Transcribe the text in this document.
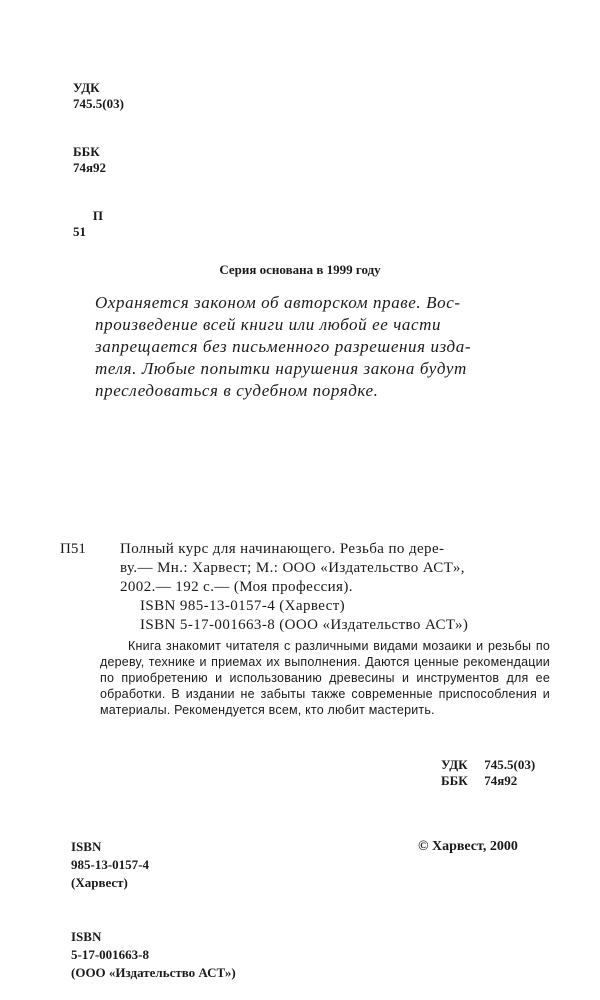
УДК
745.5(03)

ББК
74я92

П
51

Серия основана в 1999 году

Охраняется законом об авторском праве. Вос-

произведение всей книги или любой ее части

запрещается без письменного разрешения изда-

теля. Любые попытки нарушения закона будут

преследоваться в судебном порядке.

П51 Полный курс для начинающего. Резьба по дере-
ву.— Мн.: Харвест; М.: ООО «Издательство АСТ»,
2002.— 192 с.— (Моя профессия).
ISBN 985-13-0157-4 (Харвест)
ISBN 5-17-001663-8 (ООО «Издательство АСТ»)
Книга знакомит читателя с различными видами мозаики и резьбы по дереву, технике и приемах их выполнения. Даются ценные рекомендации по приобретению и использованию древесины и инструментов для ее обработки. В издании не забыты также современные приспособления и материалы. Рекомендуется всем, кто любит мастерить.
УДК 745.5(03)
ББК 74я92

ISBN
985-13-0157-4
(Харвест)

ISBN
5-17-001663-8
(ООО «Издательство АСТ»)

© Харвест, 2000
